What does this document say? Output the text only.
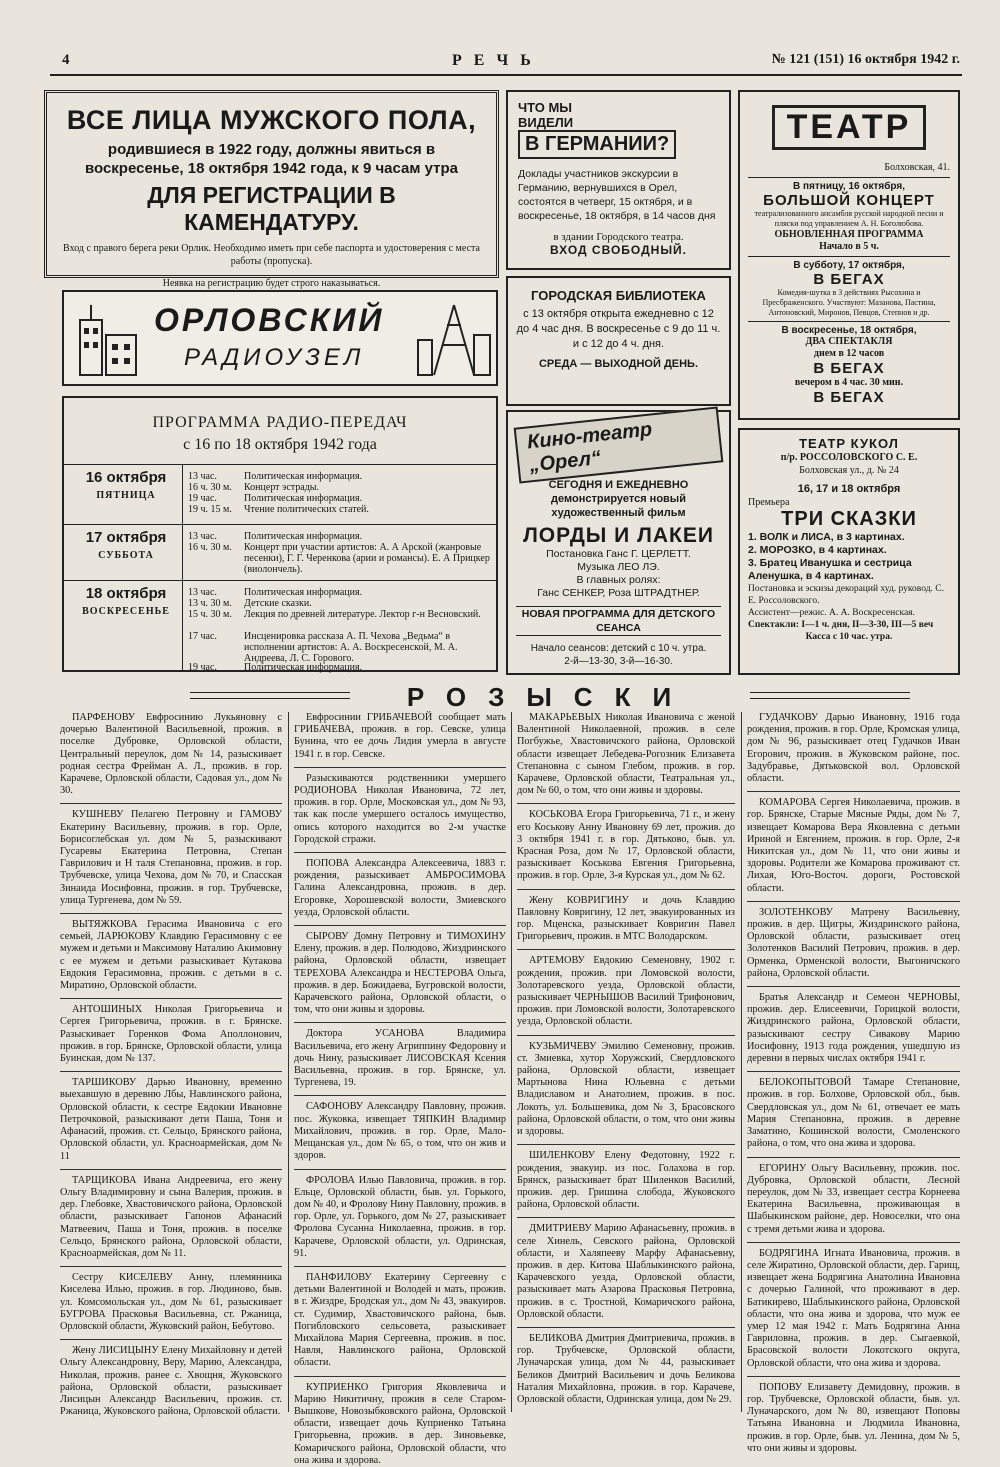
4	РЕЧЬ	№ 121 (151) 16 октября 1942 г.
ВСЕ ЛИЦА МУЖСКОГО ПОЛА,
родившиеся в 1922 году, должны явиться в воскресенье, 18 октября 1942 года, к 9 часам утра
ДЛЯ РЕГИСТРАЦИИ В КАМЕНДАТУРУ.
Вход с правого берега реки Орлик. Необходимо иметь при себе паспорта и удостоверения с места работы (пропуска).
Неявка на регистрацию будет строго наказываться.
ЧТО МЫ ВИДЕЛИ В ГЕРМАНИИ?
Доклады участников экскурсии в Германию, вернувшихся в Орел, состоятся в четверг, 15 октября, и в воскресенье, 18 октября, в 14 часов дня
в здании Городского театра.
ВХОД СВОБОДНЫЙ.
ГОРОДСКАЯ БИБЛИОТЕКА
с 13 октября открыта ежедневно с 12 до 4 час дня. В воскресенье с 9 до 11 ч. и с 12 до 4 ч. дня.
СРЕДА — ВЫХОДНОЙ ДЕНЬ.
Кино-театр „Орел“
СЕГОДНЯ И ЕЖЕДНЕВНО демонстрируется новый художественный фильм
ЛОРДЫ И ЛАКЕИ
Постановка Ганс Г. ЦЕРЛЕТТ.
Музыка ЛЕО ЛЭ.
В главных ролях:
Ганс СЕНКЕР, Роза ШТРАДТНЕР.
НОВАЯ ПРОГРАММА ДЛЯ ДЕТСКОГО СЕАНСА
Начало сеансов: детский с 10 ч. утра.
2-й—13-30, 3-й—16-30.
ТЕАТР
Болховская, 41.
В пятницу, 16 октября,
БОЛЬШОЙ КОНЦЕРТ
театрализованного ансамбля русской народной песни и пляски под управлением А. Н. Боголюбова.
ОБНОВЛЕННАЯ ПРОГРАММА
Начало в 5 ч.
В субботу, 17 октября,
В БЕГАХ
Комедия-шутка в 3 действиях Рысохина и Пресбраженского. Участвуют: Мазанова, Пастина, Антоновский, Миронов, Певцов, Степнов и др.
В воскресенье, 18 октября,
ДВА СПЕКТАКЛЯ
днем в 12 часов
В БЕГАХ
вечером в 4 час. 30 мин.
В БЕГАХ
ТЕАТР КУКОЛ
п/р. РОССОЛОВСКОГО С. Е.
Болховская ул., д. № 24
16, 17 и 18 октября
Премьера
ТРИ СКАЗКИ
1. ВОЛК и ЛИСА, в 3 картинах.
2. МОРОЗКО, в 4 картинах.
3. Братец Иванушка и сестрица Аленушка, в 4 картинах.
Постановка и эскизы декораций худ. руковод. С. Е. Россоловского.
Ассистент—режис. А. А. Воскресенская.
Спектакли: I—1 ч. дня, II—3-30, III—5 веч
Касса с 10 час. утра.
ОРЛОВСКИЙ
РАДИОУЗЕЛ
ПРОГРАММА РАДИО-ПЕРЕДАЧ
с 16 по 18 октября 1942 года
16 октября
ПЯТНИЦА
13 час.	Политическая информация.
16 ч. 30 м.	Концерт эстрады.
19 час.	Политическая информация.
19 ч. 15 м.	Чтение политических статей.
17 октября
СУББОТА
13 час.	Политическая информация.
16 ч. 30 м.	Концерт при участии артистов: А. А Арской (жанровые песенки), Г. Г. Черенкова (арии и романсы). Е. А Прицкер (виолончель).
18 октября
ВОСКРЕСЕНЬЕ
13 час.	Политическая информация.
13 ч. 30 м.	Детские сказки.
15 ч. 30 м.	Лекция по древней литературе. Лектор г-н Весновский.
17 час.	Инсценировка рассказа А. П. Чехова „Ведьма“ в исполнении артистов: А. А. Воскресенской, М. А. Андреева, Л. С. Горового.
19 час.	Политическая информация.
РОЗЫСКИ

ПАРФЕНОВУ Евфросинию Лукьяновну с дочерью Валентиной Васильевной, прожив. в поселке Дубровке, Орловской области, Центральный переулок, дом № 14, разыскивает родная сестра Фрейман А. Л., прожив. в гор. Карачеве, Орловской области, Садовая ул., дом № 30.

КУШНЕВУ Пелагею Петровну и ГАМОВУ Екатерину Васильевну, прожив. в гор. Орле, Борисоглебская ул. дом № 5, разыскивают Гусаревы Екатерина Петровна, Степан Гаврилович и Н таля Степановна, прожив. в гор. Трубчевске, улица Чехова, дом № 70, и Спасская Зинаида Иосифовна, прожив. в гор. Трубчевске, улица Тургенева, дом № 59.

ВЫТЯЖКОВА Герасима Ивановича с его семьей, ЛАРЮКОВУ Клавдию Герасимовну с ее мужем и детьми и Максимову Наталию Акимовну с ее мужем и детьми разыскивает Кутакова Евдокия Герасимовна, прожив. с детьми в с. Миратино, Орловской области.

АНТОШИНЫХ Николая Григорьевича и Сергея Григорьевича, прожив. в г. Брянске. Разыскивает Горенков Фома Аполлонович, прожив. в гор. Брянске, Орловской области, улица Буинская, дом № 137.

ТАРШИКОВУ Дарью Ивановну, временно выехавшую в деревню Лбы, Навлинского района, Орловской области, к сестре Евдокии Ивановне Петрочковой, разыскивают дети Паша, Тоня и Афанасий, прожив. ст. Сельцо, Брянского района, Орловской области, ул. Красноармейская, дом № 11

ТАРЩИКОВА Ивана Андреевича, его жену Ольгу Владимировну и сына Валерия, прожив. в дер. Глебовке, Хвастовичского района, Орловской области, разыскивает Гапонов Афанасий Матвеевич, Паша и Тоня, прожив. в поселке Сельцо, Брянского района, Орловской области, Красноармейская, дом № 11.

Сестру КИСЕЛЕВУ Анну, племянника Киселева Илью, прожив. в гор. Людиново, быв. ул. Комсомольская ул., дом № 61, разыскивает БУГРОВА Прасковья Васильевна, ст. Ржаница, Орловской области, Жуковский район, Бебутово.

Жену ЛИСИЦЫНУ Елену Михайловну и детей Ольгу Александровну, Веру, Марию, Александра, Николая, прожив. ранее с. Хвощня, Жуковского района, Орловской области, разыскивает Лисицын Александр Васильевич, прожив. ст. Ржаница, Жуковского района, Орловской области.

Евфросинии ГРИБАЧЕВОЙ сообщает мать ГРИБАЧЕВА, прожив. в гор. Севске, улица Бунина, что ее дочь Лидия умерла в августе 1941 г. в гор. Севске.

Разыскиваются родственники умершего РОДИОНОВА Николая Ивановича, 72 лет, прожив. в гор. Орле, Московская ул., дом № 93, так как после умершего осталось имущество, опись которого находится во 2-м участке Городской стражи.

ПОПОВА Александра Алексеевича, 1883 г. рождения, разыскивает АМБРОСИМОВА Галина Александровна, прожив. в дер. Егоровке, Хорошевской волости, Змиевского уезда, Орловской области.

СЫРОВУ Домну Петровну и ТИМОХИНУ Елену, прожив. в дер. Полюдово, Жиздринского района, Орловской области, извещает ТЕРЕХОВА Александра и НЕСТЕРОВА Ольга, прожив. в дер. Божидаева, Бугровской волости, Карачевского района, Орловской области, о том, что они живы и здоровы.

Доктора УСАНОВА Владимира Васильевича, его жену Агриппину Федоровну и дочь Нину, разыскивает ЛИСОВСКАЯ Ксения Васильевна, прожив. в гор. Брянске, ул. Тургенева, 19.

САФОНОВУ Александру Павловну, прожив. пос. Жуковка, извещает ТЯПКИН Владимир Михайлович, прожив. в гор. Орле, Мало-Мещанская ул., дом № 65, о том, что он жив и здоров.

ФРОЛОВА Илью Павловича, прожив. в гор. Ельце, Орловской области, быв. ул. Горького, дом № 40, и Фролову Нину Павловну, прожив. в гор. Орле, ул. Горького, дом № 27, разыскивает Фролова Сусанна Николаевна, прожив. в гор. Карачеве, Орловской области, ул. Одринская, 91.

ПАНФИЛОВУ Екатерину Сергеевну с детьми Валентиной и Володей и мать, прожив. в г. Жиздре, Бродская ул., дом № 43, эвакуиров. ст. Судимир, Хвастовичского района, быв. Погибловского сельсовета, разыскивает Михайлова Мария Сергеевна, прожив. в пос. Навля, Навлинского района, Орловской области.

КУПРИЕНКО Григория Яковлевича и Марию Никитичну, прожив в селе Старом-Вышкове, Новозыбковского района, Орловской области, извещает дочь Куприенко Татьяна Григорьевна, прожив. в дер. Зиновьевке, Комаричского района, Орловской области, что она жива и здорова.

МАКАРЬЕВЫХ Николая Ивановича с женой Валентиной Николаевной, прожив. в селе Погбужье, Хвастовичского района, Орловской области извещает Лебедева-Рогозник Елизавета Степановна с сыном Глебом, прожив. в гор. Карачеве, Орловской области, Театральная ул., дом № 60, о том, что они живы и здоровы.

КОСЬКОВА Егора Григорьевича, 71 г., и жену его Коськову Анну Ивановну 69 лет, прожив. до 3 октября 1941 г. в гор. Дятьково, быв. ул. Красная Роза, дом № 17, Орловской области, разыскивает Коськова Евгения Григорьевна, прожив. в гор. Орле, 3-я Курская ул., дом № 62.

Жену КОВРИГИНУ и дочь Клавдию Павловну Ковригину, 12 лет, эвакуированных из гор. Мценска, разыскивает Ковригин Павел Григорьевич, прожив. в МТС Володарском.

АРТЕМОВУ Евдокию Семеновну, 1902 г. рождения, прожив. при Ломовской волости, Золотаревского уезда, Орловской области, разыскивает ЧЕРНЫШОВ Василий Трифонович, прожив. при Ломовской волости, Золотаревского уезда, Орловской области.

КУЗЬМИЧЕВУ Эмилию Семеновну, прожив. ст. Змиевка, хутор Хоружский, Свердловского района, Орловской области, извещает Мартынова Нина Юльевна с детьми Владиславом и Анатолием, прожив. в пос. Локоть, ул. Большевика, дом № 3, Брасовского района, Орловской области, о том, что они живы и здоровы.

ШИЛЕНКОВУ Елену Федотовну, 1922 г. рождения, эвакуир. из пос. Голахова в гор. Брянск, разыскивает брат Шиленков Василий, прожив. дер. Гришина слобода, Жуковского района, Орловской области.

ДМИТРИЕВУ Марию Афанасьевну, прожив. в селе Хинель, Севского района, Орловской области, и Халяпееву Марфу Афанасьевну, прожив. в дер. Китова Шаблыкинского района, Карачевского уезда, Орловской области, разыскивает мать Азарова Прасковья Петровна, прожив. в с. Тростной, Комаричского района, Орловской области.

БЕЛИКОВА Дмитрия Дмитриевича, прожив. в гор. Трубчевске, Орловской области, Луначарская улица, дом № 44, разыскивает Беликов Дмитрий Васильевич и дочь Беликова Наталия Михайловна, прожив. в гор. Карачеве, Орловской области, Одринская улица, дом № 29.

ГУДАЧКОВУ Дарью Ивановну, 1916 года рождения, прожив. в гор. Орле, Кромская улица, дом № 96, разыскивает отец Гудачков Иван Егорович, прожив. в Жуковском районе, пос. Задубравье, Дятьковской вол. Орловской области.

КОМАРОВА Сергея Николаевича, прожив. в гор. Брянске, Старые Мясные Ряды, дом № 7, извещает Комарова Вера Яковлевна с детьми Ириной и Евгением, прожив. в гор. Орле, 2-я Никитская ул., дом № 11, что они живы и здоровы. Родители же Комарова проживают ст. Лихая, Юго-Восточ. дороги, Ростовской области.

ЗОЛОТЕНКОВУ Матрену Васильевну, прожив. в дер. Щигры, Жиздринского района, Орловской области, разыскивает отец Золотенков Василий Петрович, прожив. в дер. Орменка, Орменской волости, Выгоничского района, Орловской области.

Братья Александр и Семеон ЧЕРНОВЫ, прожив. дер. Елисеевичи, Горицкой волости, Жиздринского района, Орловской области, разыскивают сестру Сивакову Марию Иосифовну, 1913 года рождения, ушедшую из деревни в первых числах октября 1941 г.

БЕЛОКОПЫТОВОЙ Тамаре Степановне, прожив. в гор. Болхове, Орловской обл., быв. Свердловская ул., дом № 61, отвечает ее мать Мария Степановна, прожив. в деревне Заматино, Кошинской волости, Смоленского района, о том, что она жива и здорова.

ЕГОРИНУ Ольгу Васильевну, прожив. пос. Дубровка, Орловской области, Лесной переулок, дом № 33, извещает сестра Корнеева Екатерина Васильевна, проживающая в Шабыкинском районе, дер. Новоселки, что она с тремя детьми жива и здорова.

БОДРЯГИНА Игната Ивановича, прожив. в селе Жиратино, Орловской области, дер. Гарищ, извещает жена Бодрягина Анатолина Ивановна с дочерью Галиной, что проживают в дер. Батикирево, Шаблыкинского района, Орловской области, что она жива и здорова, что муж ее умер 12 мая 1942 г. Мать Бодрягина Анна Гавриловна, прожив. в дер. Сыгаевкой, Брасовской волости Локотского округа, Орловской области, что она жива и здорова.

ПОПОВУ Елизавету Демидовну, прожив. в гор. Трубчевске, Орловской области, быв. ул. Луначарского, дом № 80, извещают Поповы Татьяна Ивановна и Людмила Ивановна, прожив. в гор. Орле, быв. ул. Ленина, дом № 5, что они живы и здоровы.
